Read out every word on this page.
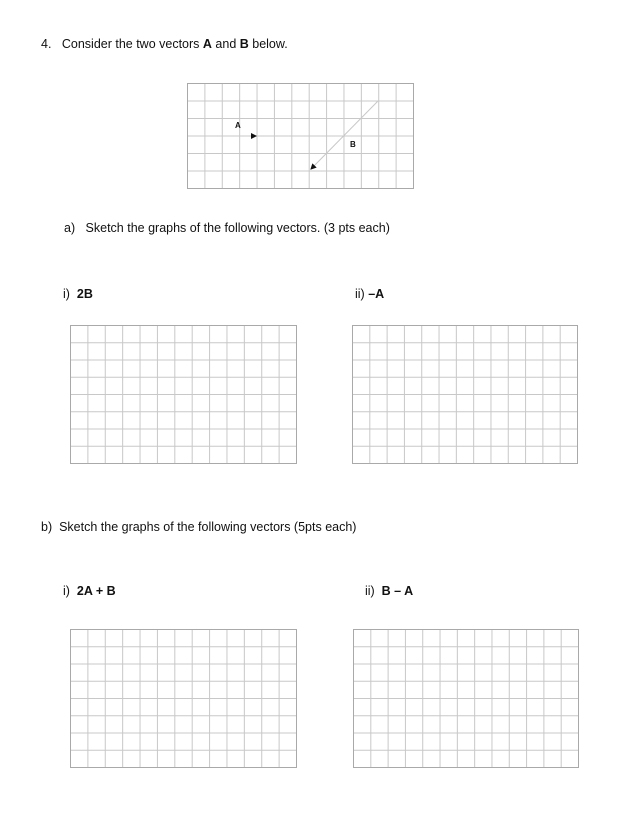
4. Consider the two vectors A and B below.
A
B
a) Sketch the graphs of the following vectors. (3 pts each)
i) 2B	ii) –A
b) Sketch the graphs of the following vectors (5pts each)
i) 2A + B	ii) B – A
